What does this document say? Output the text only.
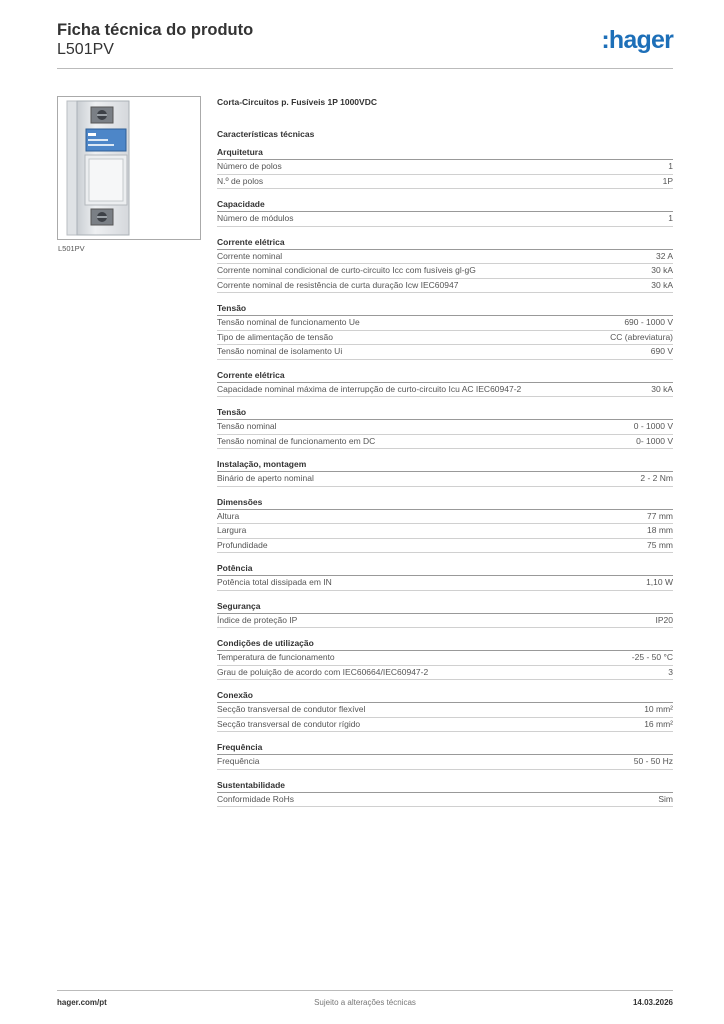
Ficha técnica do produto
L501PV	:hager
L501PV
Corta-Circuitos p. Fusíveis 1P 1000VDC
Características técnicas
Arquitetura
Número de polos	1
N.º de polos	1P
Capacidade
Número de módulos	1
Corrente elétrica
Corrente nominal	32 A
Corrente nominal condicional de curto-circuito Icc com fusíveis gl-gG	30 kA
Corrente nominal de resistência de curta duração Icw IEC60947	30 kA
Tensão
Tensão nominal de funcionamento Ue	690 - 1000 V
Tipo de alimentação de tensão	CC (abreviatura)
Tensão nominal de isolamento Ui	690 V
Corrente elétrica
Capacidade nominal máxima de interrupção de curto-circuito Icu AC IEC60947-2	30 kA
Tensão
Tensão nominal	0 - 1000 V
Tensão nominal de funcionamento em DC	0- 1000 V
Instalação, montagem
Binário de aperto nominal	2 - 2 Nm
Dimensões
Altura	77 mm
Largura	18 mm
Profundidade	75 mm
Potência
Potência total dissipada em IN	1,10 W
Segurança
Índice de proteção IP	IP20
Condições de utilização
Temperatura de funcionamento	-25 - 50 °C
Grau de poluição de acordo com IEC60664/IEC60947-2	3
Conexão
Secção transversal de condutor flexível	10 mm²
Secção transversal de condutor rígido	16 mm²
Frequência
Frequência	50 - 50 Hz
Sustentabilidade
Conformidade RoHs	Sim
hager.com/pt	Sujeito a alterações técnicas	14.03.2026
